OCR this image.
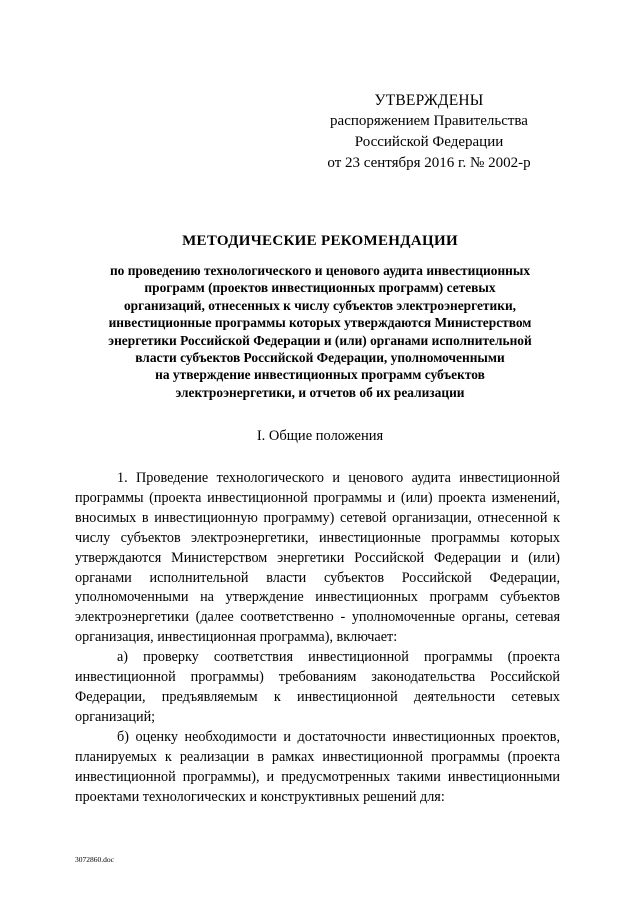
УТВЕРЖДЕНЫ
распоряжением Правительства
Российской Федерации
от 23 сентября 2016 г. № 2002-р
МЕТОДИЧЕСКИЕ РЕКОМЕНДАЦИИ
по проведению технологического и ценового аудита инвестиционных
программ (проектов инвестиционных программ) сетевых
организаций, отнесенных к числу субъектов электроэнергетики,
инвестиционные программы которых утверждаются Министерством
энергетики Российской Федерации и (или) органами исполнительной
власти субъектов Российской Федерации, уполномоченными
на утверждение инвестиционных программ субъектов
электроэнергетики, и отчетов об их реализации
I. Общие положения

1. Проведение технологического и ценового аудита инвестиционной программы (проекта инвестиционной программы и (или) проекта изменений, вносимых в инвестиционную программу) сетевой организации, отнесенной к числу субъектов электроэнергетики, инвестиционные программы которых утверждаются Министерством энергетики Российской Федерации и (или) органами исполнительной власти субъектов Российской Федерации, уполномоченными на утверждение инвестиционных программ субъектов электроэнергетики (далее соответственно - уполномоченные органы, сетевая организация, инвестиционная программа), включает:

а) проверку соответствия инвестиционной программы (проекта инвестиционной программы) требованиям законодательства Российской Федерации, предъявляемым к инвестиционной деятельности сетевых организаций;

б) оценку необходимости и достаточности инвестиционных проектов, планируемых к реализации в рамках инвестиционной программы (проекта инвестиционной программы), и предусмотренных такими инвестиционными проектами технологических и конструктивных решений для:

3072860.doc
